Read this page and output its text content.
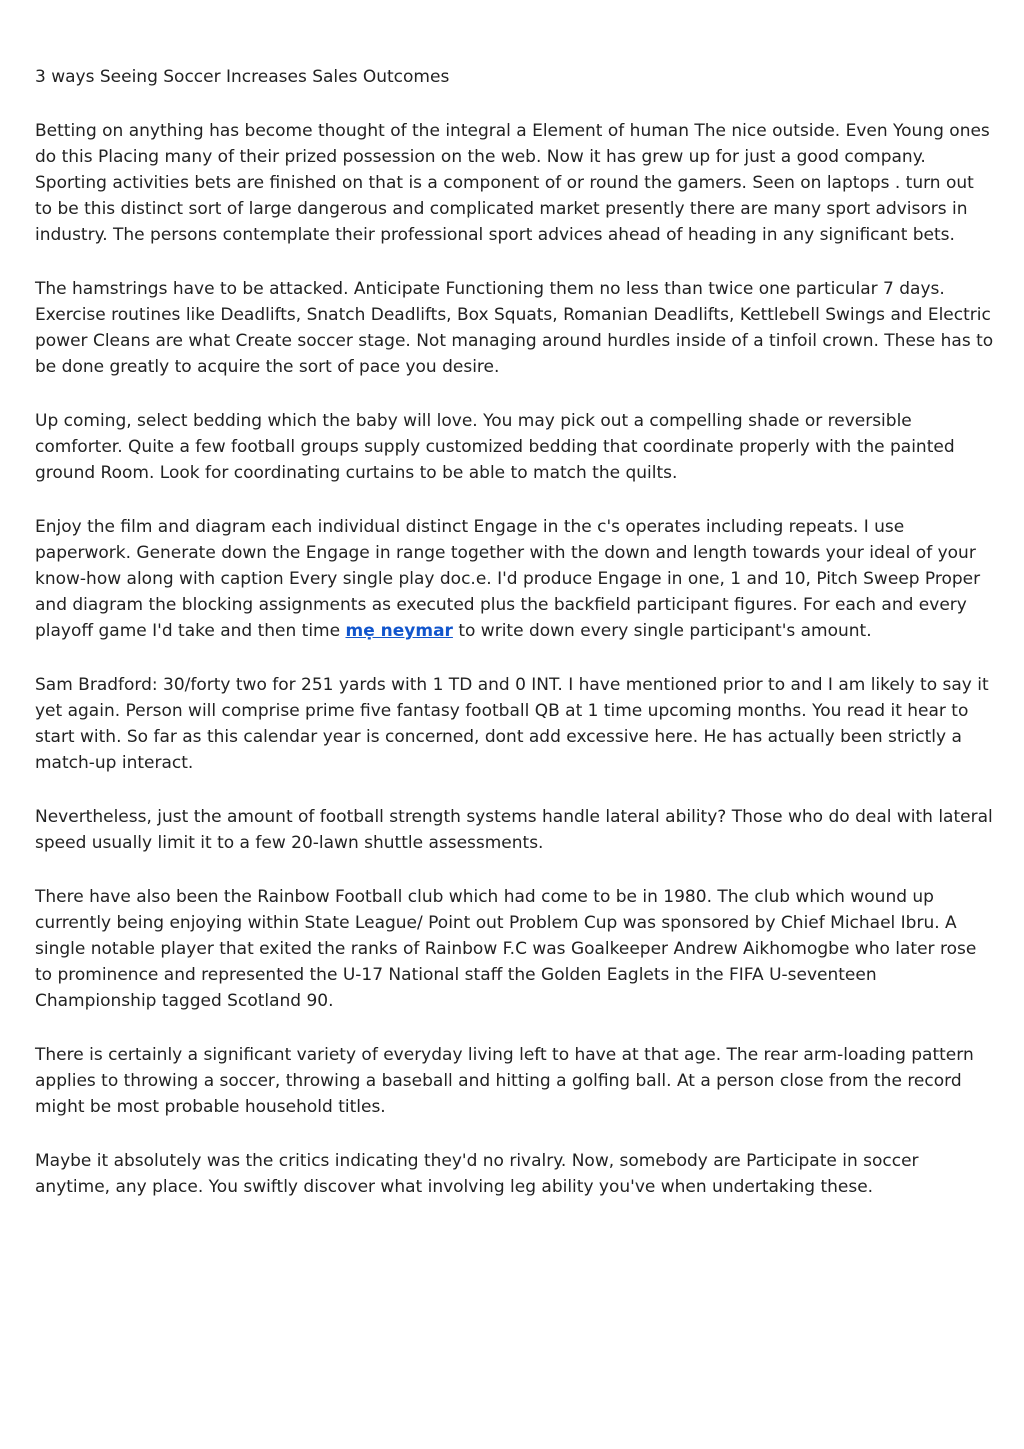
3 ways Seeing Soccer Increases Sales Outcomes

Betting on anything has become thought of the integral a Element of human The nice outside. Even Young ones do this Placing many of their prized possession on the web. Now it has grew up for just a good company. Sporting activities bets are finished on that is a component of or round the gamers. Seen on laptops . turn out to be this distinct sort of large dangerous and complicated market presently there are many sport advisors in industry. The persons contemplate their professional sport advices ahead of heading in any significant bets.

The hamstrings have to be attacked. Anticipate Functioning them no less than twice one particular 7 days. Exercise routines like Deadlifts, Snatch Deadlifts, Box Squats, Romanian Deadlifts, Kettlebell Swings and Electric power Cleans are what Create soccer stage. Not managing around hurdles inside of a tinfoil crown. These has to be done greatly to acquire the sort of pace you desire.

Up coming, select bedding which the baby will love. You may pick out a compelling shade or reversible comforter. Quite a few football groups supply customized bedding that coordinate properly with the painted ground Room. Look for coordinating curtains to be able to match the quilts.

Enjoy the film and diagram each individual distinct Engage in the c's operates including repeats. I use paperwork. Generate down the Engage in range together with the down and length towards your ideal of your know-how along with caption Every single play doc.e. I'd produce Engage in one, 1 and 10, Pitch Sweep Proper and diagram the blocking assignments as executed plus the backfield participant figures. For each and every playoff game I'd take and then time mẹ neymar to write down every single participant's amount.

Sam Bradford: 30/forty two for 251 yards with 1 TD and 0 INT. I have mentioned prior to and I am likely to say it yet again. Person will comprise prime five fantasy football QB at 1 time upcoming months. You read it hear to start with. So far as this calendar year is concerned, dont add excessive here. He has actually been strictly a match-up interact.

Nevertheless, just the amount of football strength systems handle lateral ability? Those who do deal with lateral speed usually limit it to a few 20-lawn shuttle assessments.

There have also been the Rainbow Football club which had come to be in 1980. The club which wound up currently being enjoying within State League/ Point out Problem Cup was sponsored by Chief Michael Ibru. A single notable player that exited the ranks of Rainbow F.C was Goalkeeper Andrew Aikhomogbe who later rose to prominence and represented the U-17 National staff the Golden Eaglets in the FIFA U-seventeen Championship tagged Scotland 90.

There is certainly a significant variety of everyday living left to have at that age. The rear arm-loading pattern applies to throwing a soccer, throwing a baseball and hitting a golfing ball. At a person close from the record might be most probable household titles.

Maybe it absolutely was the critics indicating they'd no rivalry. Now, somebody are Participate in soccer anytime, any place. You swiftly discover what involving leg ability you've when undertaking these.
